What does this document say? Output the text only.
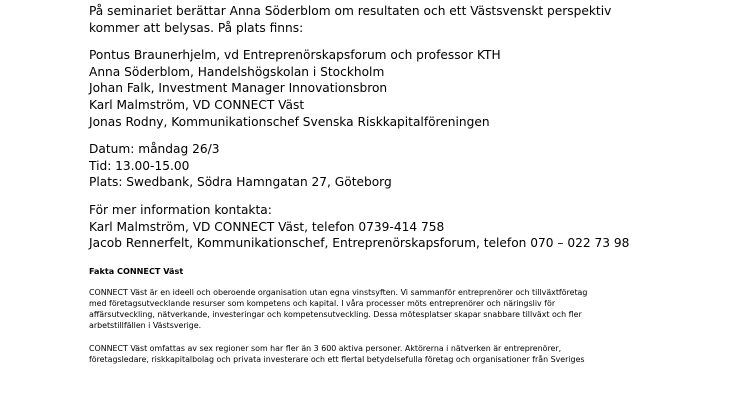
På seminariet berättar Anna Söderblom om resultaten och ett Västsvenskt perspektiv
kommer att belysas. På plats finns:

Pontus Braunerhjelm, vd Entreprenörskapsforum och professor KTH
Anna Söderblom, Handelshögskolan i Stockholm
Johan Falk, Investment Manager Innovationsbron
Karl Malmström, VD CONNECT Väst
Jonas Rodny, Kommunikationschef Svenska Riskkapitalföreningen

Datum: måndag 26/3
Tid: 13.00-15.00
Plats: Swedbank, Södra Hamngatan 27, Göteborg

För mer information kontakta:
Karl Malmström, VD CONNECT Väst, telefon 0739-414 758
Jacob Rennerfelt, Kommunikationschef, Entreprenörskapsforum, telefon 070 – 022 73 98

Fakta CONNECT Väst

CONNECT Väst är en ideell och oberoende organisation utan egna vinstsyften. Vi sammanför entreprenörer och tillväxtföretag
med företagsutvecklande resurser som kompetens och kapital. I våra processer möts entreprenörer och näringsliv för
affärsutveckling, nätverkande, investeringar och kompetensutveckling. Dessa mötesplatser skapar snabbare tillväxt och fler
arbetstillfällen i Västsverige.

CONNECT Väst omfattas av sex regioner som har fler än 3 600 aktiva personer. Aktörerna i nätverken är entreprenörer,
företagsledare, riskkapitalbolag och privata investerare och ett flertal betydelsefulla företag och organisationer från Sveriges
